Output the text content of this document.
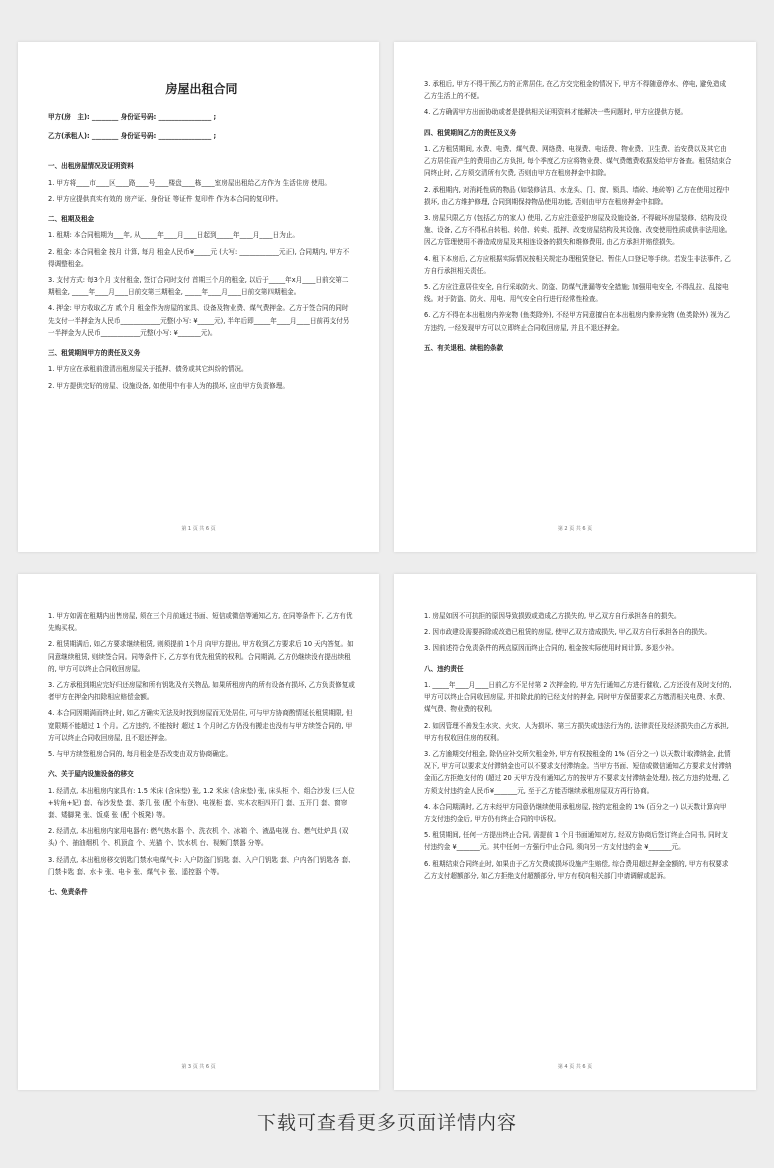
房屋出租合同

甲方(房　主): ________ 身份证号码: ________________ ;

乙方(承租人): ________ 身份证号码: ________________ ;

一、出租房屋情况及证明资料

1. 甲方将____市____区____路____号____楼盘____栋____室房屋出租给乙方作为 生活住房 使用。

2. 甲方应提供真实有效的 房产证、身份证 等证件 复印件 作为本合同的复印件。

二、租期及租金

1. 租期: 本合同租期为___年, 从_____年____月____日起到_____年____月____日为止。

2. 租金: 本合同租金 按月 计算, 每月 租金人民币¥_____元 (大写: ____________元正), 合同期内, 甲方不得调整租金。

3. 支付方式: 每3个月 支付租金, 签订合同时支付 首期三个月的租金, 以后于_____年x月____日前交第二期租金, _____年____月____日前交第三期租金, _____年____月____日前交第四期租金。

4. 押金: 甲方收取乙方 贰个月 租金作为房屋的家具、设备及物业费、煤气费押金。乙方于签合同的同时先支付一半押金为人民币____________元整(小写: ¥_____元), 半年后即_____年____月____日前再支付另一半押金为人民币____________元整(小写: ¥_______元)。

三、租赁期间甲方的责任及义务

1. 甲方应在承租前澄清出租房屋关于抵押、债务或其它纠纷的情况。

2. 甲方提供完好的房屋、设施设备, 如使用中有非人为的损坏, 应由甲方负责修理。

第 1 页 共 6 页

3. 承租后, 甲方不得干预乙方的正常居住, 在乙方交完租金的情况下, 甲方不得随意停水、停电, 避免造成乙方生活上的不便。

4. 乙方确需甲方出面协助或者是提供相关证明资料才能解决一些问题时, 甲方应提供方便。

四、租赁期间乙方的责任及义务

1. 乙方租赁期间, 水费、电费、煤气费、网络费、电视费、电话费、物业费、卫生费、治安费以及其它由乙方居住而产生的费用由乙方负担, 每个季度乙方应将物业费、煤气费缴费收据发给甲方备查。租赁结束合同终止时, 乙方须交清所有欠费, 否则由甲方在租房押金中扣除。

2. 承租期内, 对消耗性质的物品 (如装修洁具、水龙头、门、窗、锁具、墙砖、地砖等) 乙方在使用过程中损坏, 由乙方维护修理, 合同到期保持物品使用功能, 否则由甲方在租房押金中扣除。

3. 房屋只限乙方 (包括乙方的家人) 使用, 乙方应注意爱护房屋及设施设备, 不得破坏房屋装修、结构及设施、设备, 乙方不得私自转租、转借、转卖、抵押、改变房屋结构及其设施、改变使用性质或供非法用途。因乙方管理使用不善造成房屋及其相连设备的损失和维修费用, 由乙方承担并赔偿损失。

4. 租下本房后, 乙方应根据实际情况按相关规定办理租赁登记、暂住人口登记等手续。若发生非法事件, 乙方自行承担相关责任。

5. 乙方应注意居住安全, 自行采取防火、防盗、防煤气泄漏等安全措施; 加强用电安全, 不得乱拉、乱接电线。对于防盗、防火、用电、用气安全自行进行经常性检查。

6. 乙方不得在本出租房内养宠物 (鱼类除外), 不经甲方同意擅自在本出租房内豢养宠物 (鱼类除外) 视为乙方违约, 一经发现甲方可以立即终止合同收回房屋, 并且不退还押金。

五、有关退租、续租的条款

第 2 页 共 6 页

1. 甲方如需在租期内出售房屋, 须在三个月前通过书面、短信或微信等通知乙方, 在同等条件下, 乙方有优先购买权。

2. 租赁期满后, 如乙方要求继续租赁, 则须提前 1个月 向甲方提出, 甲方收到乙方要求后 10 天内答复。如同意继续租赁, 则续签合同。同等条件下, 乙方享有优先租赁的权利。合同期满, 乙方仍继续没有提出续租的, 甲方可以终止合同收回房屋。

3. 乙方承租到期应完好归还房屋和所有钥匙及有关物品, 如果所租房内的所有设备有损坏, 乙方负责修复或者甲方在押金内扣除相应赔偿金额。

4. 本合同因期满而终止时, 如乙方确实无法及时找到房屋而无处居住, 可与甲方协商酌情延长租赁期限, 但宽限期不能超过 1 个月。乙方违约, 不能按时 超过 1 个月时乙方仍没有搬走也没有与甲方续签合同的, 甲方可以终止合同收回房屋, 且不退还押金。

5. 与甲方续签租房合同的, 每月租金是否改变由双方协商确定。

六、关于屋内设施设备的移交

1. 经清点, 本出租房内家具有: 1.5 米床 (含床垫) 张, 1.2 米床 (含床垫) 张, 床头柜 个、组合沙发 (三人位+转角+妃) 套、布沙发垫 套、茶几 张 (配 个布登)、电视柜 套、实木衣柜四开门 套、五开门 套、窗帘 套、矮脚凳 张、饭桌 张 (配 个板凳) 等。

2. 经清点, 本出租房内家用电器有: 燃气热水器 个、洗衣机 个、冰箱 个、液晶电视 台、燃气灶炉具 (双头) 个、抽油烟机 个、机顶盒 个、光猫 个、饮水机 台、视频门禁器 分等。

3. 经清点, 本出租房移交钥匙门禁水电煤气卡: 入户防盗门钥匙 套、入户门钥匙 套、户内各门钥匙各 套、门禁卡匙 套、水卡 张、电卡 张、煤气卡 张、遥控器 个等。

七、免责条件

第 3 页 共 6 页

1. 房屋如因不可抗拒的原因导致损毁或造成乙方损失的, 甲乙双方自行承担各自的损失。

2. 因市政建设需要拆除或改造已租赁的房屋, 使甲乙双方造成损失, 甲乙双方自行承担各自的损失。

3. 因前述符合免责条件的两点原因而终止合同的, 租金按实际使用时间计算, 多退少补。

八、违约责任

1. _____年____月____日前乙方不足付第 2 次押金的, 甲方先行通知乙方进行催收, 乙方还没有及时支付的, 甲方可以终止合同收回房屋, 并扣除此前的已经支付的押金, 同时甲方保留要求乙方缴清相关电费、水费、煤气费、物业费的权利。

2. 如因管理不善发生水灾、火灾、人为损坏、第三方损失或违法行为的, 法律责任及经济损失由乙方承担, 甲方有权收回住房的权利。

3. 乙方逾期交付租金, 除仍应补交所欠租金外, 甲方有权按租金的 1% (百分之一) 以天数计取滞纳金, 此情况下, 甲方可以要求支付滞纳金也可以不要求支付滞纳金。当甲方书面、短信或微信通知乙方要求支付滞纳金而乙方拒绝支付的 (超过 20 天甲方没有通知乙方的按甲方不要求支付滞纳金处理), 按乙方违约处理, 乙方须支付违约金人民币¥_______元, 至于乙方能否继续承租房屋双方再行协商。

4. 本合同期满时, 乙方未经甲方同意仍继续使用承租房屋, 按约定租金的 1% (百分之一) 以天数计算向甲方支付违约金后, 甲方仍有终止合同的申诉权。

5. 租赁期间, 任何一方提出终止合同, 需提前 1 个月书面通知对方, 经双方协商后签订终止合同书, 同时支付违约金 ¥_______元。其中任何一方强行中止合同, 须向另一方支付违约金 ¥_______元。

6. 租期结束合同终止时, 如果由于乙方欠费或损坏设施产生赔偿, 综合费用超过押金金额的, 甲方有权要求乙方支付超额部分, 如乙方拒绝支付超额部分, 甲方有权向相关部门申请调解或起诉。

第 4 页 共 6 页
下载可查看更多页面详情内容
